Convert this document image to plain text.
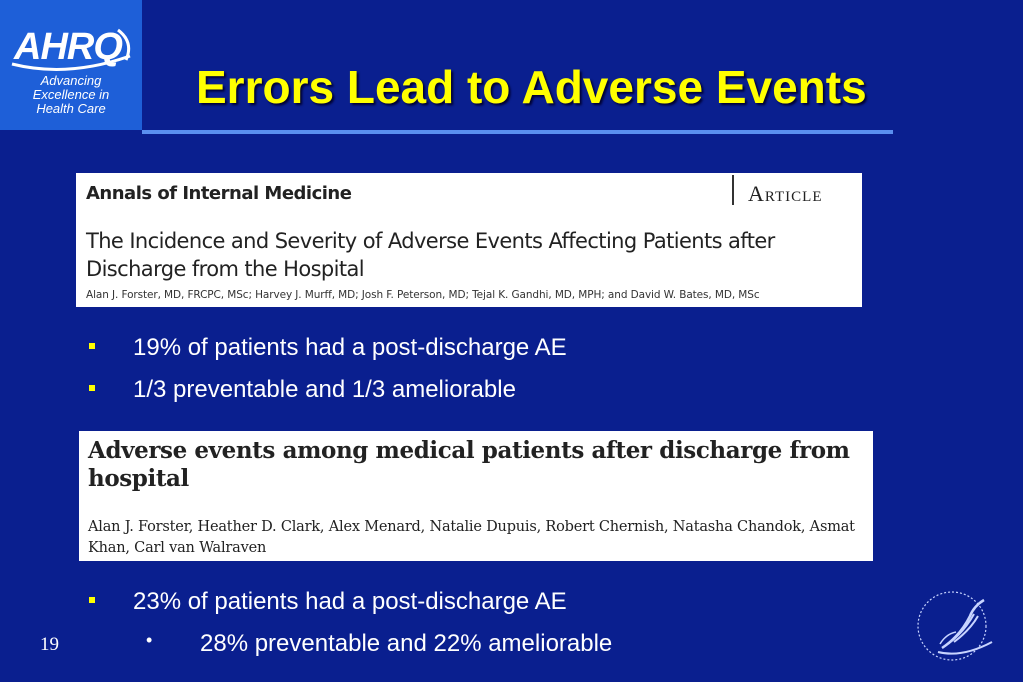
AHRQ
Advancing
Excellence in
Health Care	Errors Lead to Adverse Events
Annals of Internal Medicine	Article
The Incidence and Severity of Adverse Events Affecting Patients after Discharge from the Hospital
Alan J. Forster, MD, FRCPC, MSc; Harvey J. Murff, MD; Josh F. Peterson, MD; Tejal K. Gandhi, MD, MPH; and David W. Bates, MD, MSc
19% of patients had a post-discharge AE
1/3 preventable and 1/3 ameliorable
Adverse events among medical patients after discharge from hospital
Alan J. Forster, Heather D. Clark, Alex Menard, Natalie Dupuis, Robert Chernish, Natasha Chandok, Asmat Khan, Carl van Walraven
23% of patients had a post-discharge AE
• 28% preventable and 22% ameliorable
19
